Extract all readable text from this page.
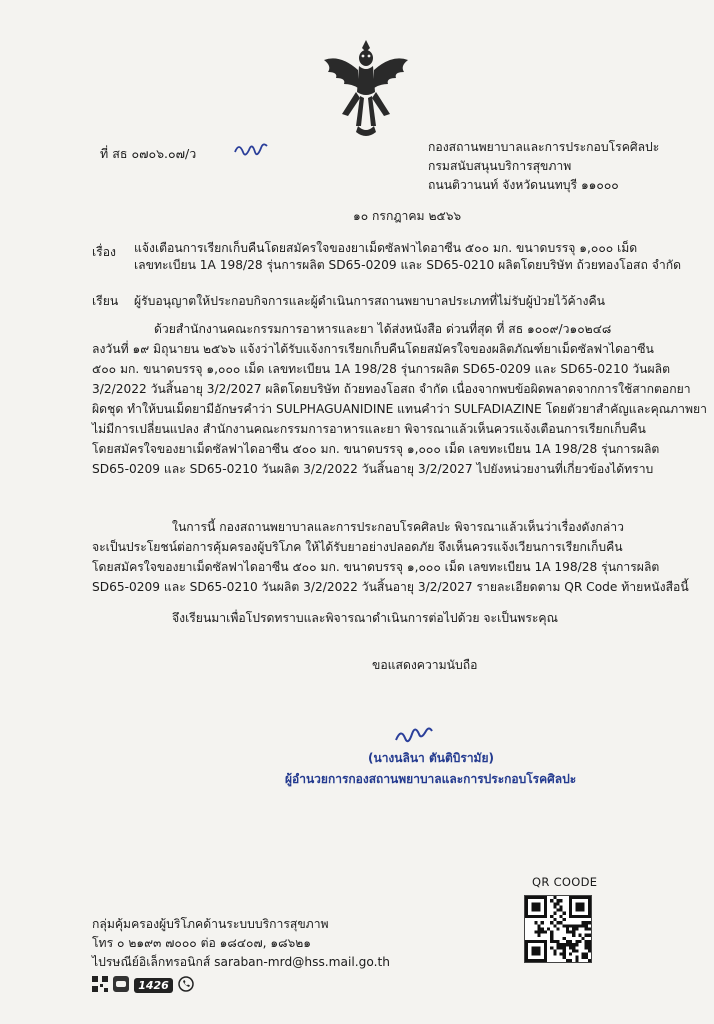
ที่ สธ ๐๗๐๖.๐๗/ว	กองสถานพยาบาลและการประกอบโรคศิลปะ
กรมสนับสนุนบริการสุขภาพ
ถนนติวานนท์ จังหวัดนนทบุรี ๑๑๐๐๐
๑๐ กรกฎาคม ๒๕๖๖
เรื่อง แจ้งเตือนการเรียกเก็บคืนโดยสมัครใจของยาเม็ดซัลฟาไดอาซีน ๕๐๐ มก. ขนาดบรรจุ ๑,๐๐๐ เม็ด
เลขทะเบียน 1A 198/28 รุ่นการผลิต SD65-0209 และ SD65-0210 ผลิตโดยบริษัท ถ้วยทองโอสถ จำกัด
เรียน ผู้รับอนุญาตให้ประกอบกิจการและผู้ดำเนินการสถานพยาบาลประเภทที่ไม่รับผู้ป่วยไว้ค้างคืน
ด้วยสำนักงานคณะกรรมการอาหารและยา ได้ส่งหนังสือ ด่วนที่สุด ที่ สธ ๑๐๐๙/ว๑๐๒๔๘
ลงวันที่ ๑๙ มิถุนายน ๒๕๖๖ แจ้งว่าได้รับแจ้งการเรียกเก็บคืนโดยสมัครใจของผลิตภัณฑ์ยาเม็ดซัลฟาไดอาซีน
๕๐๐ มก. ขนาดบรรจุ ๑,๐๐๐ เม็ด เลขทะเบียน 1A 198/28 รุ่นการผลิต SD65-0209 และ SD65-0210 วันผลิต
3/2/2022 วันสิ้นอายุ 3/2/2027 ผลิตโดยบริษัท ถ้วยทองโอสถ จำกัด เนื่องจากพบข้อผิดพลาดจากการใช้สากตอกยา
ผิดชุด ทำให้บนเม็ดยามีอักษรคำว่า SULPHAGUANIDINE แทนคำว่า SULFADIAZINE โดยตัวยาสำคัญและคุณภาพยา
ไม่มีการเปลี่ยนแปลง สำนักงานคณะกรรมการอาหารและยา พิจารณาแล้วเห็นควรแจ้งเตือนการเรียกเก็บคืน
โดยสมัครใจของยาเม็ดซัลฟาไดอาซีน ๕๐๐ มก. ขนาดบรรจุ ๑,๐๐๐ เม็ด เลขทะเบียน 1A 198/28 รุ่นการผลิต
SD65-0209 และ SD65-0210 วันผลิต 3/2/2022 วันสิ้นอายุ 3/2/2027 ไปยังหน่วยงานที่เกี่ยวข้องได้ทราบ
ในการนี้ กองสถานพยาบาลและการประกอบโรคศิลปะ พิจารณาแล้วเห็นว่าเรื่องดังกล่าว
จะเป็นประโยชน์ต่อการคุ้มครองผู้บริโภค ให้ได้รับยาอย่างปลอดภัย จึงเห็นควรแจ้งเวียนการเรียกเก็บคืน
โดยสมัครใจของยาเม็ดซัลฟาไดอาซีน ๕๐๐ มก. ขนาดบรรจุ ๑,๐๐๐ เม็ด เลขทะเบียน 1A 198/28 รุ่นการผลิต
SD65-0209 และ SD65-0210 วันผลิต 3/2/2022 วันสิ้นอายุ 3/2/2027 รายละเอียดตาม QR Code ท้ายหนังสือนี้
จึงเรียนมาเพื่อโปรดทราบและพิจารณาดำเนินการต่อไปด้วย จะเป็นพระคุณ
ขอแสดงความนับถือ
(นางนลินา ตันติบิรามัย)
ผู้อำนวยการกองสถานพยาบาลและการประกอบโรคศิลปะ
QR COODE
กลุ่มคุ้มครองผู้บริโภคด้านระบบบริการสุขภาพ
โทร ๐ ๒๑๙๓ ๗๐๐๐ ต่อ ๑๘๔๐๗, ๑๘๖๒๑
ไปรษณีย์อิเล็กทรอนิกส์ saraban-mrd@hss.mail.go.th
1426
